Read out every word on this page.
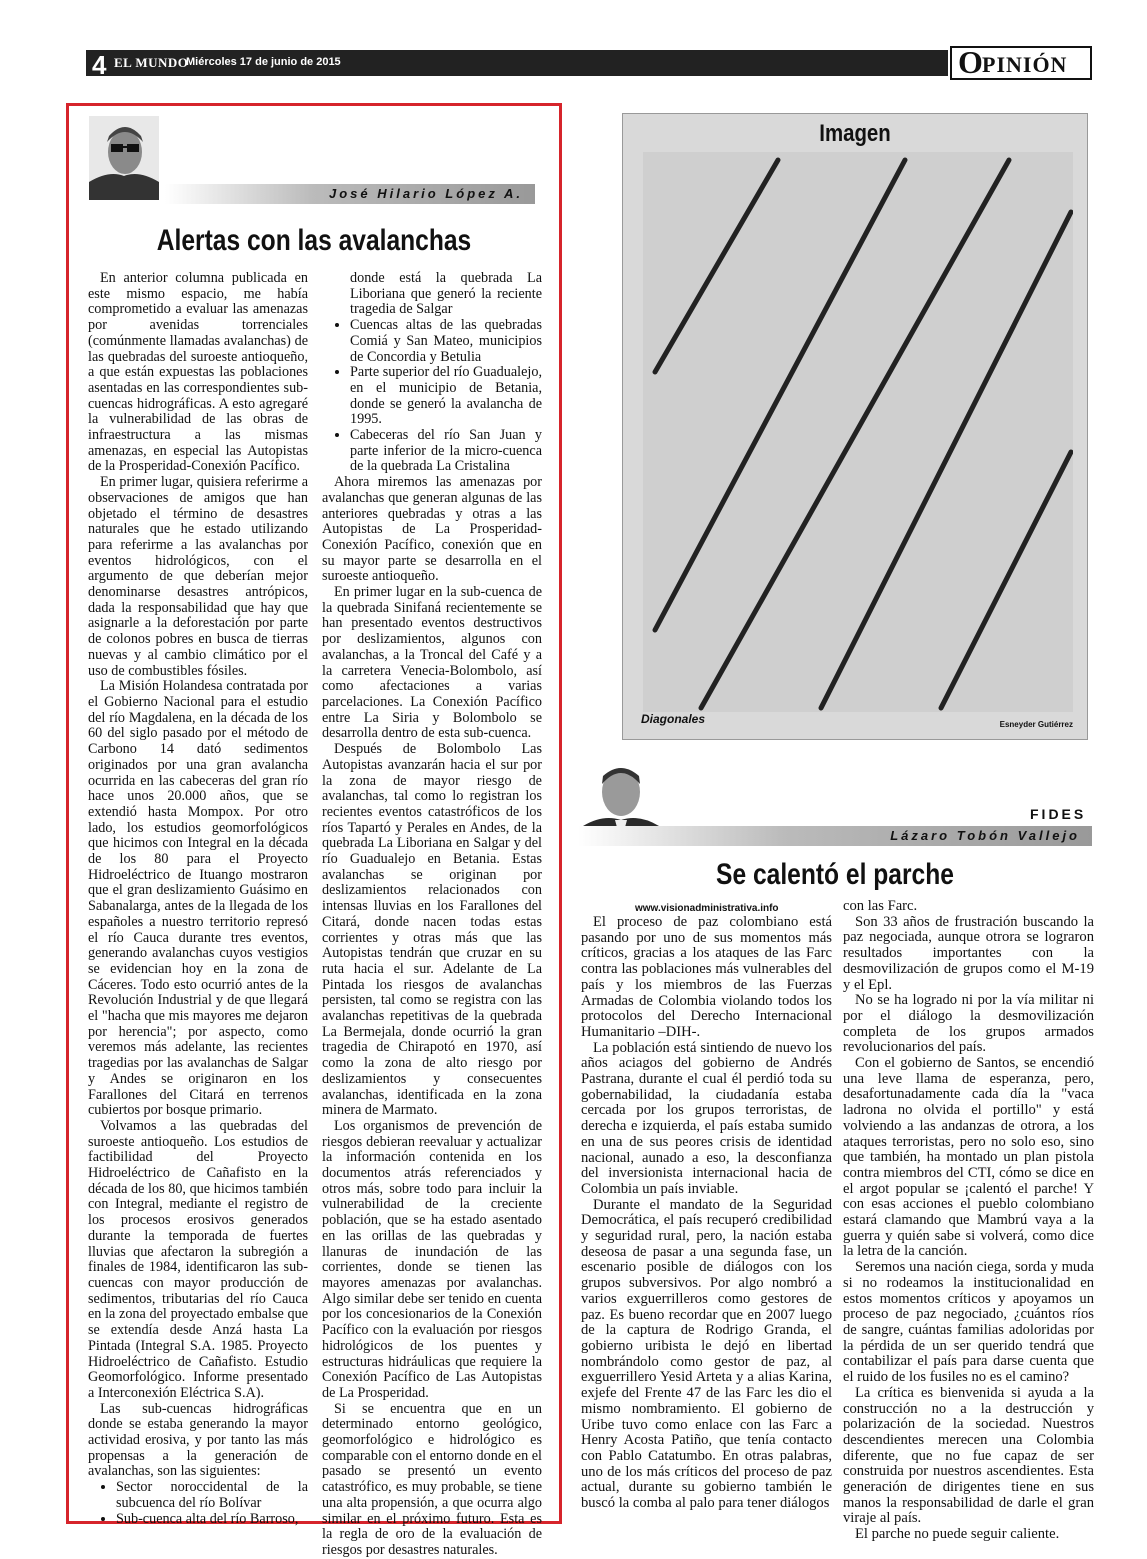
4 EL MUNDO
Miércoles 17 de junio de 2015	O PINIÓN
José Hilario López A.
Alertas con las avalanchas

En anterior columna publicada en este mismo espacio, me había comprometido a evaluar las amenazas por avenidas torrenciales (comúnmente llamadas avalanchas) de las quebradas del suroeste antioqueño, a que están expuestas las poblaciones asentadas en las correspondientes sub-cuencas hidrográficas. A esto agregaré la vulnerabilidad de las obras de infraestructura a las mismas amenazas, en especial las Autopistas de la Prosperidad-Conexión Pacífico.

En primer lugar, quisiera referirme a observaciones de amigos que han objetado el término de desastres naturales que he estado utilizando para referirme a las avalanchas por eventos hidrológicos, con el argumento de que deberían mejor denominarse desastres antrópicos, dada la responsabilidad que hay que asignarle a la deforestación por parte de colonos pobres en busca de tierras nuevas y al cambio climático por el uso de combustibles fósiles.

La Misión Holandesa contratada por el Gobierno Nacional para el estudio del río Magdalena, en la década de los 60 del siglo pasado por el método de Carbono 14 dató sedimentos originados por una gran avalancha ocurrida en las cabeceras del gran río hace unos 20.000 años, que se extendió hasta Mompox. Por otro lado, los estudios geomorfológicos que hicimos con Integral en la década de los 80 para el Proyecto Hidroeléctrico de Ituango mostraron que el gran deslizamiento Guásimo en Sabanalarga, antes de la llegada de los españoles a nuestro territorio represó el río Cauca durante tres eventos, generando avalanchas cuyos vestigios se evidencian hoy en la zona de Cáceres. Todo esto ocurrió antes de la Revolución Industrial y de que llegará el "hacha que mis mayores me dejaron por herencia"; por aspecto, como veremos más adelante, las recientes tragedias por las avalanchas de Salgar y Andes se originaron en los Farallones del Citará en terrenos cubiertos por bosque primario.

Volvamos a las quebradas del suroeste antioqueño. Los estudios de factibilidad del Proyecto Hidroeléctrico de Cañafisto en la década de los 80, que hicimos también con Integral, mediante el registro de los procesos erosivos generados durante la temporada de fuertes lluvias que afectaron la subregión a finales de 1984, identificaron las sub-cuencas con mayor producción de sedimentos, tributarias del río Cauca en la zona del proyectado embalse que se extendía desde Anzá hasta La Pintada (Integral S.A. 1985. Proyecto Hidroeléctrico de Cañafisto. Estudio Geomorfológico. Informe presentado a Interconexión Eléctrica S.A).

Las sub-cuencas hidrográficas donde se estaba generando la mayor actividad erosiva, y por tanto las más propensas a la generación de avalanchas, son las siguientes:

• Sector noroccidental de la subcuenca del río Bolívar
• Sub-cuenca alta del río Barroso,
donde está la quebrada La Liboriana que generó la reciente tragedia de Salgar
• Cuencas altas de las quebradas Comiá y San Mateo, municipios de Concordia y Betulia
• Parte superior del río Guadualejo, en el municipio de Betania, donde se generó la avalancha de 1995.
• Cabeceras del río San Juan y parte inferior de la micro-cuenca de la quebrada La Cristalina

Ahora miremos las amenazas por avalanchas que generan algunas de las anteriores quebradas y otras a las Autopistas de La Prosperidad-Conexión Pacífico, conexión que en su mayor parte se desarrolla en el suroeste antioqueño.

En primer lugar en la sub-cuenca de la quebrada Sinifaná recientemente se han presentado eventos destructivos por deslizamientos, algunos con avalanchas, a la Troncal del Café y a la carretera Venecia-Bolombolo, así como afectaciones a varias parcelaciones. La Conexión Pacífico entre La Siria y Bolombolo se desarrolla dentro de esta sub-cuenca.

Después de Bolombolo Las Autopistas avanzarán hacia el sur por la zona de mayor riesgo de avalanchas, tal como lo registran los recientes eventos catastróficos de los ríos Tapartó y Perales en Andes, de la quebrada La Liboriana en Salgar y del río Guadualejo en Betania. Estas avalanchas se originan por deslizamientos relacionados con intensas lluvias en los Farallones del Citará, donde nacen todas estas corrientes y otras más que las Autopistas tendrán que cruzar en su ruta hacia el sur. Adelante de La Pintada los riesgos de avalanchas persisten, tal como se registra con las avalanchas repetitivas de la quebrada La Bermejala, donde ocurrió la gran tragedia de Chirapotó en 1970, así como la zona de alto riesgo por deslizamientos y consecuentes avalanchas, identificada en la zona minera de Marmato.

Los organismos de prevención de riesgos debieran reevaluar y actualizar la información contenida en los documentos atrás referenciados y otros más, sobre todo para incluir la vulnerabilidad de la creciente población, que se ha estado asentado en las orillas de las quebradas y llanuras de inundación de las corrientes, donde se tienen las mayores amenazas por avalanchas. Algo similar debe ser tenido en cuenta por los concesionarios de la Conexión Pacífico con la evaluación por riesgos hidrológicos de los puentes y estructuras hidráulicas que requiere la Conexión Pacífico de Las Autopistas de La Prosperidad.

Si se encuentra que en un determinado entorno geológico, geomorfológico e hidrológico es comparable con el entorno donde en el pasado se presentó un evento catastrófico, es muy probable, se tiene una alta propensión, a que ocurra algo similar en el próximo futuro. Esta es la regla de oro de la evaluación de riesgos por desastres naturales.

Imagen
Diagonales	Esneyder Gutiérrez
Lázaro Tobón Vallejo
FIDES
Se calentó el parche
www.visionadministrativa.info

El proceso de paz colombiano está pasando por uno de sus momentos más críticos, gracias a los ataques de las Farc contra las poblaciones más vulnerables del país y los miembros de las Fuerzas Armadas de Colombia violando todos los protocolos del Derecho Internacional Humanitario –DIH-.

La población está sintiendo de nuevo los años aciagos del gobierno de Andrés Pastrana, durante el cual él perdió toda su gobernabilidad, la ciudadanía estaba cercada por los grupos terroristas, de derecha e izquierda, el país estaba sumido en una de sus peores crisis de identidad nacional, aunado a eso, la desconfianza del inversionista internacional hacia de Colombia un país inviable.

Durante el mandato de la Seguridad Democrática, el país recuperó credibilidad y seguridad rural, pero, la nación estaba deseosa de pasar a una segunda fase, un escenario posible de diálogos con los grupos subversivos. Por algo nombró a varios exguerrilleros como gestores de paz. Es bueno recordar que en 2007 luego de la captura de Rodrigo Granda, el gobierno uribista le dejó en libertad nombrándolo como gestor de paz, al exguerrillero Yesid Arteta y a alias Karina, exjefe del Frente 47 de las Farc les dio el mismo nombramiento. El gobierno de Uribe tuvo como enlace con las Farc a Henry Acosta Patiño, que tenía contacto con Pablo Catatumbo. En otras palabras, uno de los más críticos del proceso de paz actual, durante su gobierno también le buscó la comba al palo para tener diálogos

con las Farc.

Son 33 años de frustración buscando la paz negociada, aunque otrora se lograron resultados importantes con la desmovilización de grupos como el M-19 y el Epl.

No se ha logrado ni por la vía militar ni por el diálogo la desmovilización completa de los grupos armados revolucionarios del país.

Con el gobierno de Santos, se encendió una leve llama de esperanza, pero, desafortunadamente cada día la "vaca ladrona no olvida el portillo" y está volviendo a las andanzas de otrora, a los ataques terroristas, pero no solo eso, sino que también, ha montado un plan pistola contra miembros del CTI, cómo se dice en el argot popular se ¡calentó el parche! Y con esas acciones el pueblo colombiano estará clamando que Mambrú vaya a la guerra y quién sabe si volverá, como dice la letra de la canción.

Seremos una nación ciega, sorda y muda si no rodeamos la institucionalidad en estos momentos críticos y apoyamos un proceso de paz negociado, ¿cuántos ríos de sangre, cuántas familias adoloridas por la pérdida de un ser querido tendrá que contabilizar el país para darse cuenta que el ruido de los fusiles no es el camino?

La crítica es bienvenida si ayuda a la construcción no a la destrucción y polarización de la sociedad. Nuestros descendientes merecen una Colombia diferente, que no fue capaz de ser construida por nuestros ascendientes. Esta generación de dirigentes tiene en sus manos la responsabilidad de darle el gran viraje al país.

El parche no puede seguir caliente.
